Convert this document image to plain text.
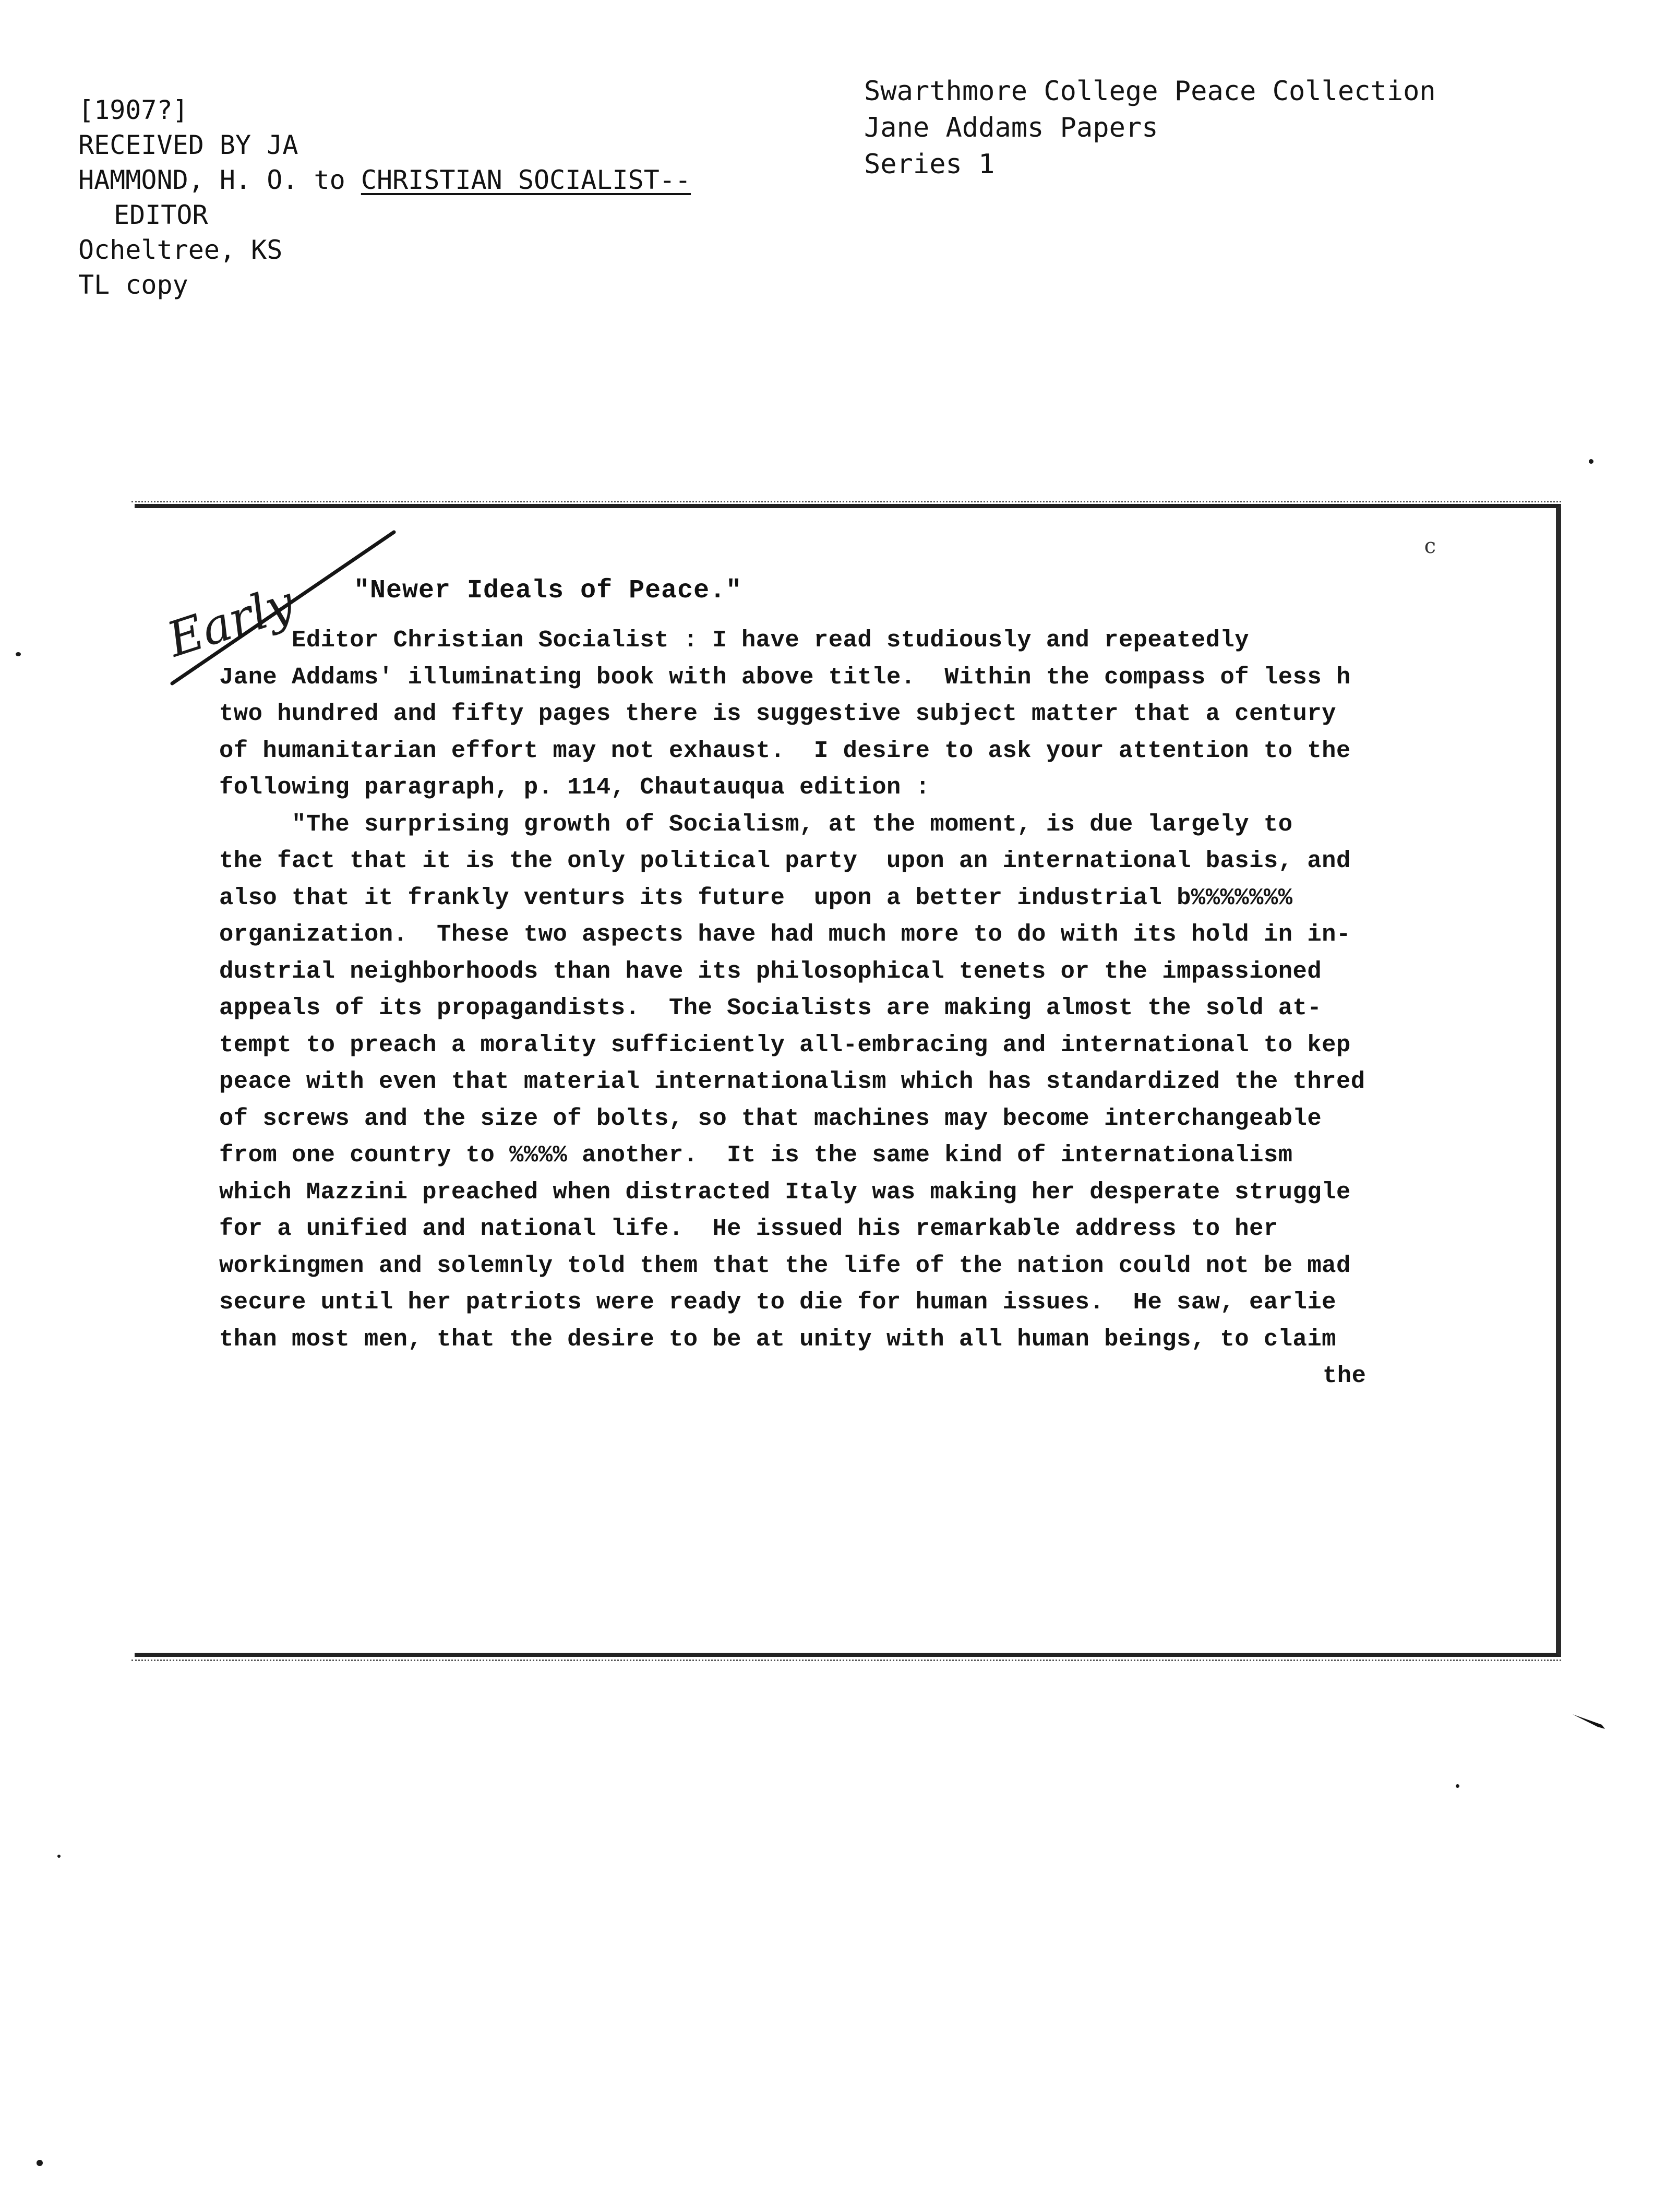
[1907?]
RECEIVED BY JA
HAMMOND, H. O. to CHRISTIAN SOCIALIST--
EDITOR
Ocheltree, KS
TL copy
Swarthmore College Peace Collection
Jane Addams Papers
Series 1
Early	"Newer Ideals of Peace."
Editor Christian Socialist : I have read studiously and repeatedly
Jane Addams' illuminating book with above title.  Within the compass of less h
two hundred and fifty pages there is suggestive subject matter that a century
of humanitarian effort may not exhaust.  I desire to ask your attention to the
following paragraph, p. 114, Chautauqua edition :
"The surprising growth of Socialism, at the moment, is due largely to
the fact that it is the only political party  upon an international basis, and
also that it frankly venturs its future  upon a better industrial b%%%%%%%
organization.  These two aspects have had much more to do with its hold in in-
dustrial neighborhoods than have its philosophical tenets or the impassioned
appeals of its propagandists.  The Socialists are making almost the sold at-
tempt to preach a morality sufficiently all-embracing and international to kep
peace with even that material internationalism which has standardized the thred
of screws and the size of bolts, so that machines may become interchangeable
from one country to %%%% another.  It is the same kind of internationalism
which Mazzini preached when distracted Italy was making her desperate struggle
for a unified and national life.  He issued his remarkable address to her
workingmen and solemnly told them that the life of the nation could not be mad
secure until her patriots were ready to die for human issues.  He saw, earlie
than most men, that the desire to be at unity with all human beings, to claim
the
c
